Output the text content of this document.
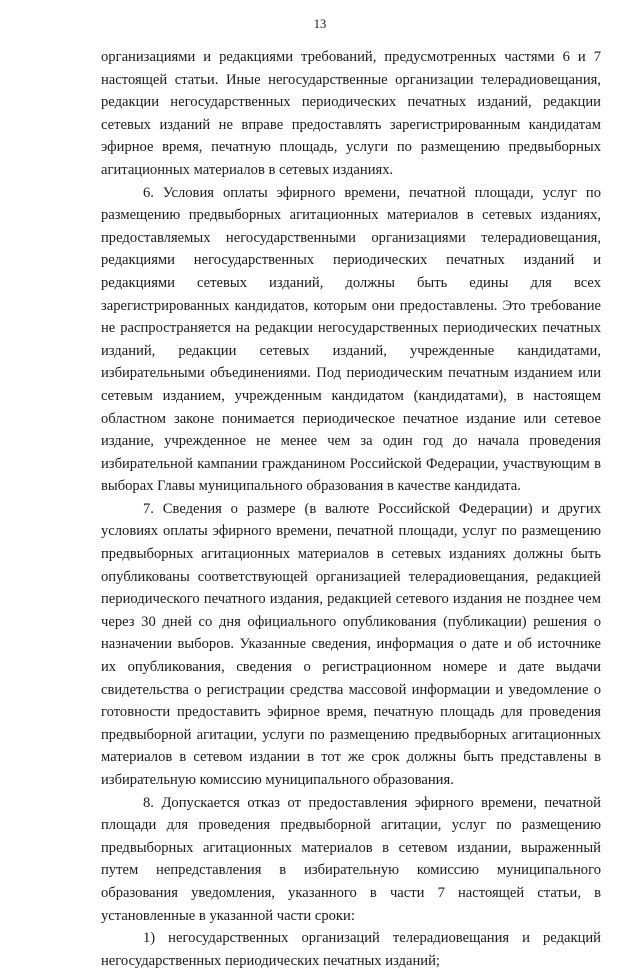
13

организациями и редакциями требований, предусмотренных частями 6 и 7 настоящей статьи. Иные негосударственные организации телерадиовещания, редакции негосударственных периодических печатных изданий, редакции сетевых изданий не вправе предоставлять зарегистрированным кандидатам эфирное время, печатную площадь, услуги по размещению предвыборных агитационных материалов в сетевых изданиях.

6. Условия оплаты эфирного времени, печатной площади, услуг по размещению предвыборных агитационных материалов в сетевых изданиях, предоставляемых негосударственными организациями телерадиовещания, редакциями негосударственных периодических печатных изданий и редакциями сетевых изданий, должны быть едины для всех зарегистрированных кандидатов, которым они предоставлены. Это требование не распространяется на редакции негосударственных периодических печатных изданий, редакции сетевых изданий, учрежденные кандидатами, избирательными объединениями. Под периодическим печатным изданием или сетевым изданием, учрежденным кандидатом (кандидатами), в настоящем областном законе понимается периодическое печатное издание или сетевое издание, учрежденное не менее чем за один год до начала проведения избирательной кампании гражданином Российской Федерации, участвующим в выборах Главы муниципального образования в качестве кандидата.

7. Сведения о размере (в валюте Российской Федерации) и других условиях оплаты эфирного времени, печатной площади, услуг по размещению предвыборных агитационных материалов в сетевых изданиях должны быть опубликованы соответствующей организацией телерадиовещания, редакцией периодического печатного издания, редакцией сетевого издания не позднее чем через 30 дней со дня официального опубликования (публикации) решения о назначении выборов. Указанные сведения, информация о дате и об источнике их опубликования, сведения о регистрационном номере и дате выдачи свидетельства о регистрации средства массовой информации и уведомление о готовности предоставить эфирное время, печатную площадь для проведения предвыборной агитации, услуги по размещению предвыборных агитационных материалов в сетевом издании в тот же срок должны быть представлены в избирательную комиссию муниципального образования.

8. Допускается отказ от предоставления эфирного времени, печатной площади для проведения предвыборной агитации, услуг по размещению предвыборных агитационных материалов в сетевом издании, выраженный путем непредставления в избирательную комиссию муниципального образования уведомления, указанного в части 7 настоящей статьи, в установленные в указанной части сроки:

1) негосударственных организаций телерадиовещания и редакций негосударственных периодических печатных изданий;
